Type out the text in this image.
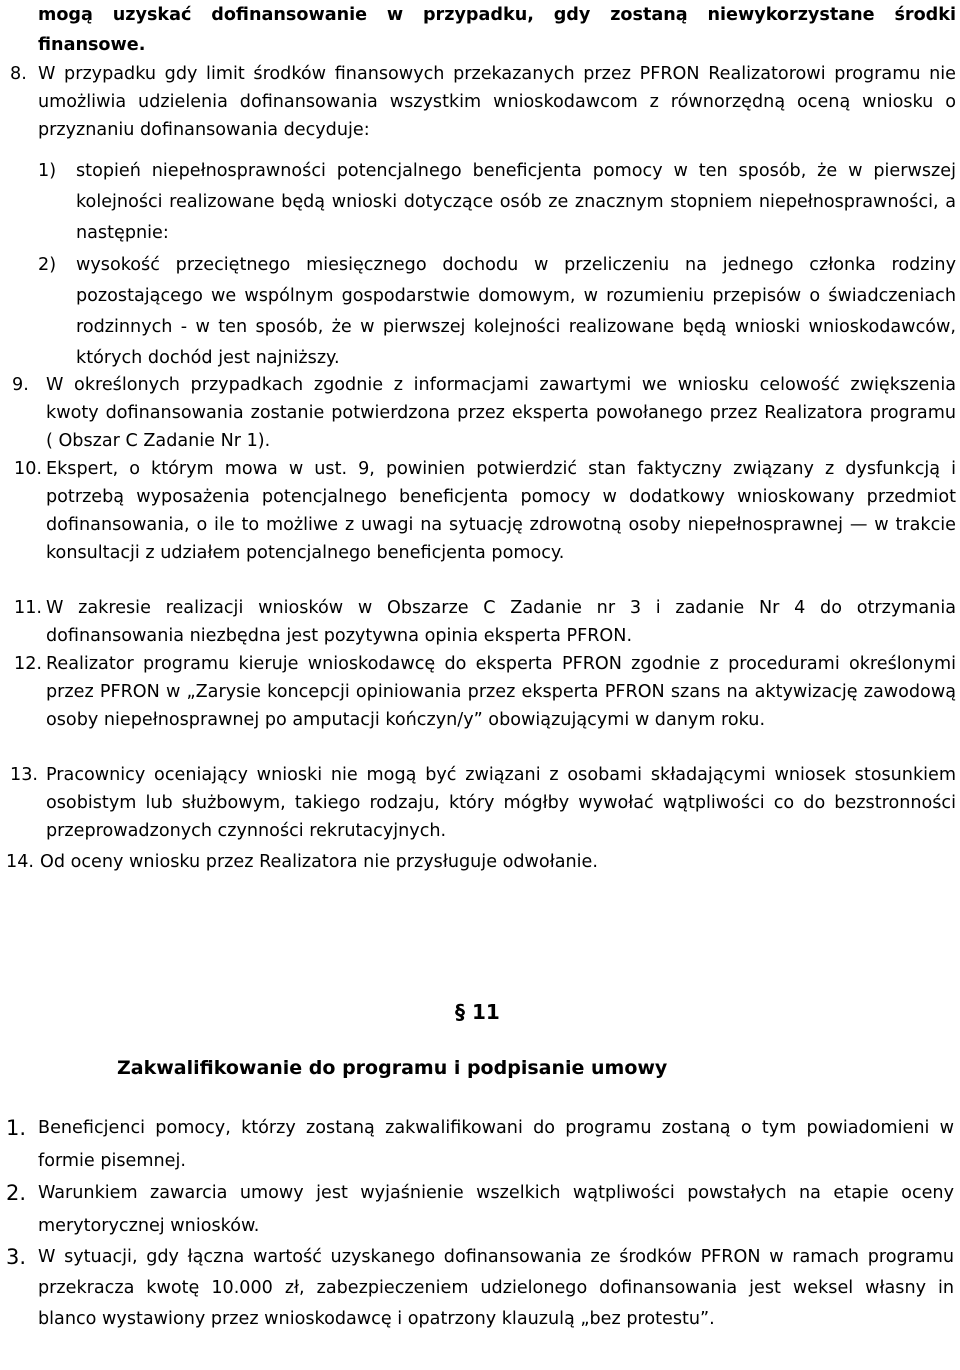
mogą uzyskać dofinansowanie w przypadku, gdy zostaną niewykorzystane środki finansowe.

8. W przypadku gdy limit środków finansowych przekazanych przez PFRON Realizatorowi programu nie umożliwia udzielenia dofinansowania wszystkim wnioskodawcom z równorzędną oceną wniosku o przyznaniu dofinansowania decyduje:
1) stopień niepełnosprawności potencjalnego beneficjenta pomocy w ten sposób, że w pierwszej kolejności realizowane będą wnioski dotyczące osób ze znacznym stopniem niepełnosprawności, a następnie:
2) wysokość przeciętnego miesięcznego dochodu w przeliczeniu na jednego członka rodziny pozostającego we wspólnym gospodarstwie domowym, w rozumieniu przepisów o świadczeniach rodzinnych - w ten sposób, że w pierwszej kolejności realizowane będą wnioski wnioskodawców, których dochód jest najniższy.
9. W określonych przypadkach zgodnie z informacjami zawartymi we wniosku celowość zwiększenia kwoty dofinansowania zostanie potwierdzona przez eksperta powołanego przez Realizatora programu ( Obszar C Zadanie Nr 1).
10. Ekspert, o którym mowa w ust. 9, powinien potwierdzić stan faktyczny związany z dysfunkcją i potrzebą wyposażenia potencjalnego beneficjenta pomocy w dodatkowy wnioskowany przedmiot dofinansowania, o ile to możliwe z uwagi na sytuację zdrowotną osoby niepełnosprawnej — w trakcie konsultacji z udziałem potencjalnego beneficjenta pomocy.
11. W zakresie realizacji wniosków w Obszarze C Zadanie nr 3 i zadanie Nr 4 do otrzymania dofinansowania niezbędna jest pozytywna opinia eksperta PFRON.
12. Realizator programu kieruje wnioskodawcę do eksperta PFRON zgodnie z procedurami określonymi przez PFRON w „Zarysie koncepcji opiniowania przez eksperta PFRON szans na aktywizację zawodową osoby niepełnosprawnej po amputacji kończyn/y” obowiązującymi w danym roku.
13. Pracownicy oceniający wnioski nie mogą być związani z osobami składającymi wniosek stosunkiem osobistym lub służbowym, takiego rodzaju, który mógłby wywołać wątpliwości co do bezstronności przeprowadzonych czynności rekrutacyjnych.
14. Od oceny wniosku przez Realizatora nie przysługuje odwołanie.
§ 11
Zakwalifikowanie do programu i podpisanie umowy
1. Beneficjenci pomocy, którzy zostaną zakwalifikowani do programu zostaną o tym powiadomieni w formie pisemnej.
2. Warunkiem zawarcia umowy jest wyjaśnienie wszelkich wątpliwości powstałych na etapie oceny merytorycznej wniosków.
3. W sytuacji, gdy łączna wartość uzyskanego dofinansowania ze środków PFRON w ramach programu przekracza kwotę 10.000 zł, zabezpieczeniem udzielonego dofinansowania jest weksel własny in blanco wystawiony przez wnioskodawcę i opatrzony klauzulą „bez protestu”.
